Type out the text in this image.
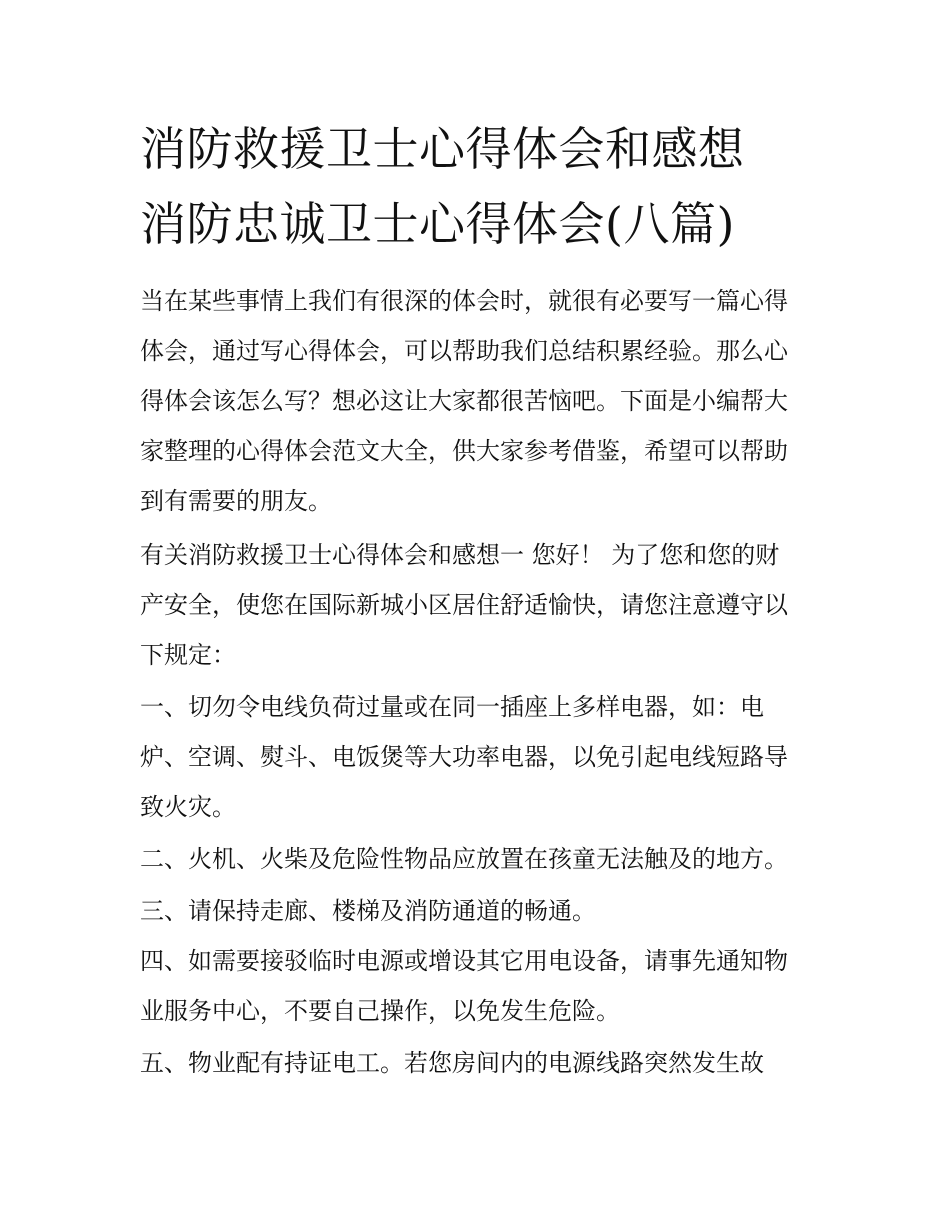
消防救援卫士心得体会和感想
消防忠诚卫士心得体会(八篇)
当在某些事情上我们有很深的体会时，就很有必要写一篇心得
体会，通过写心得体会，可以帮助我们总结积累经验。那么心
得体会该怎么写？想必这让大家都很苦恼吧。下面是小编帮大
家整理的心得体会范文大全，供大家参考借鉴，希望可以帮助
到有需要的朋友。
有关消防救援卫士心得体会和感想一 您好！ 为了您和您的财
产安全，使您在国际新城小区居住舒适愉快，请您注意遵守以
下规定：
一、切勿令电线负荷过量或在同一插座上多样电器，如：电
炉、空调、熨斗、电饭煲等大功率电器，以免引起电线短路导
致火灾。
二、火机、火柴及危险性物品应放置在孩童无法触及的地方。
三、请保持走廊、楼梯及消防通道的畅通。
四、如需要接驳临时电源或增设其它用电设备，请事先通知物
业服务中心，不要自己操作，以免发生危险。
五、物业配有持证电工。若您房间内的电源线路突然发生故
